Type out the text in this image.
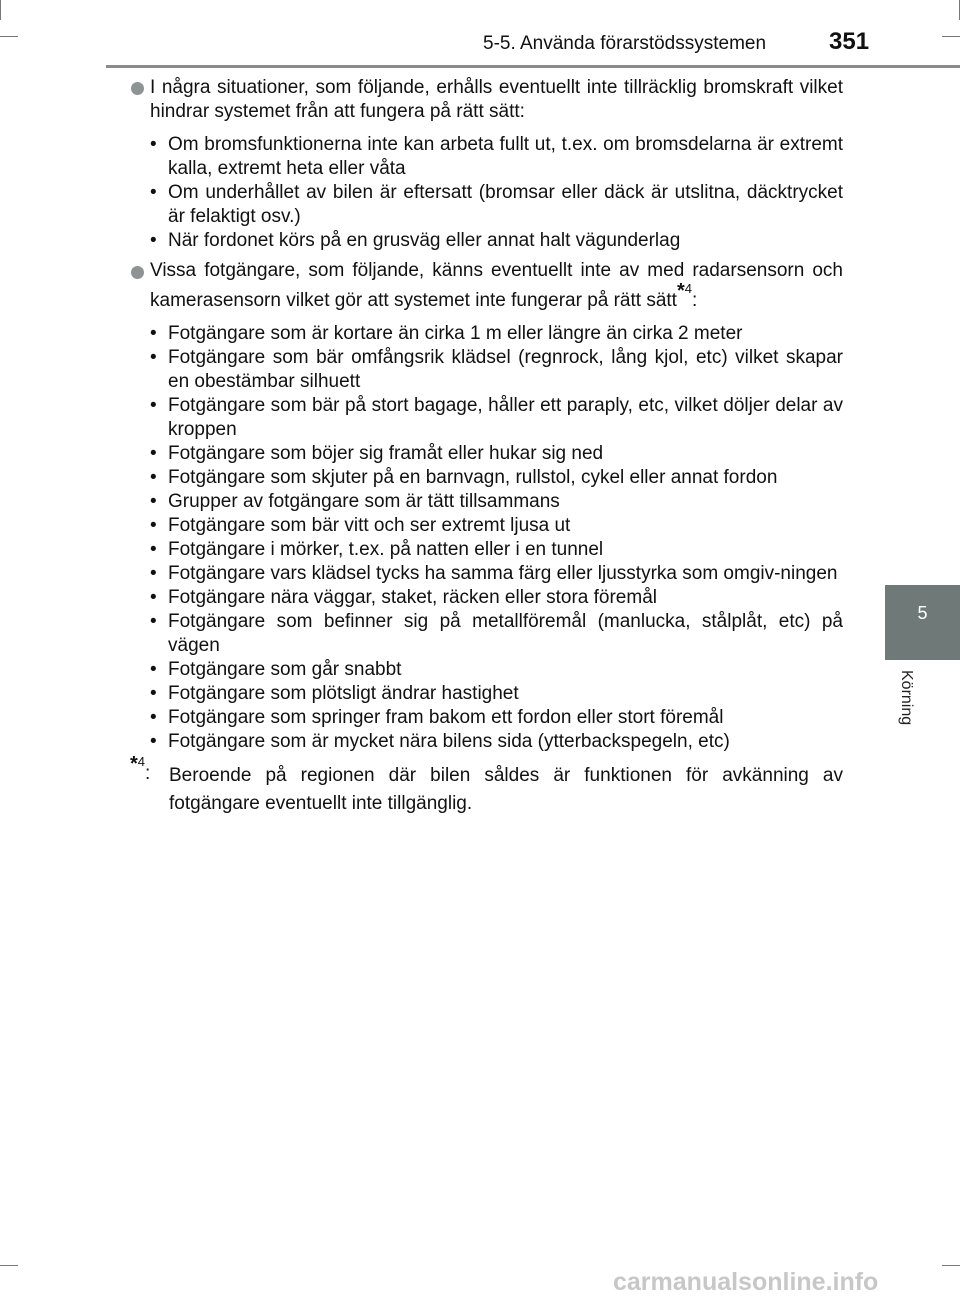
5-5. Använda förarstödssystemen	351
5
Körning
I några situationer, som följande, erhålls eventuellt inte tillräcklig bromskraft vilket hindrar systemet från att fungera på rätt sätt:
• Om bromsfunktionerna inte kan arbeta fullt ut, t.ex. om bromsdelarna är extremt kalla, extremt heta eller våta
• Om underhållet av bilen är eftersatt (bromsar eller däck är utslitna, däcktrycket är felaktigt osv.)
• När fordonet körs på en grusväg eller annat halt vägunderlag
Vissa fotgängare, som följande, känns eventuellt inte av med radarsensorn och kamerasensorn vilket gör att systemet inte fungerar på rätt sätt$^{*4}$:
• Fotgängare som är kortare än cirka 1 m eller längre än cirka 2 meter
• Fotgängare som bär omfångsrik klädsel (regnrock, lång kjol, etc) vilket skapar en obestämbar silhuett
• Fotgängare som bär på stort bagage, håller ett paraply, etc, vilket döljer delar av kroppen
• Fotgängare som böjer sig framåt eller hukar sig ned
• Fotgängare som skjuter på en barnvagn, rullstol, cykel eller annat fordon
• Grupper av fotgängare som är tätt tillsammans
• Fotgängare som bär vitt och ser extremt ljusa ut
• Fotgängare i mörker, t.ex. på natten eller i en tunnel
• Fotgängare vars klädsel tycks ha samma färg eller ljusstyrka som omgiv-ningen
• Fotgängare nära väggar, staket, räcken eller stora föremål
• Fotgängare som befinner sig på metallföremål (manlucka, stålplåt, etc) på vägen
• Fotgängare som går snabbt
• Fotgängare som plötsligt ändrar hastighet
• Fotgängare som springer fram bakom ett fordon eller stort föremål
• Fotgängare som är mycket nära bilens sida (ytterbackspegeln, etc)
$^{*4}$: Beroende på regionen där bilen såldes är funktionen för avkänning av fotgängare eventuellt inte tillgänglig.
carmanualsonline.info
